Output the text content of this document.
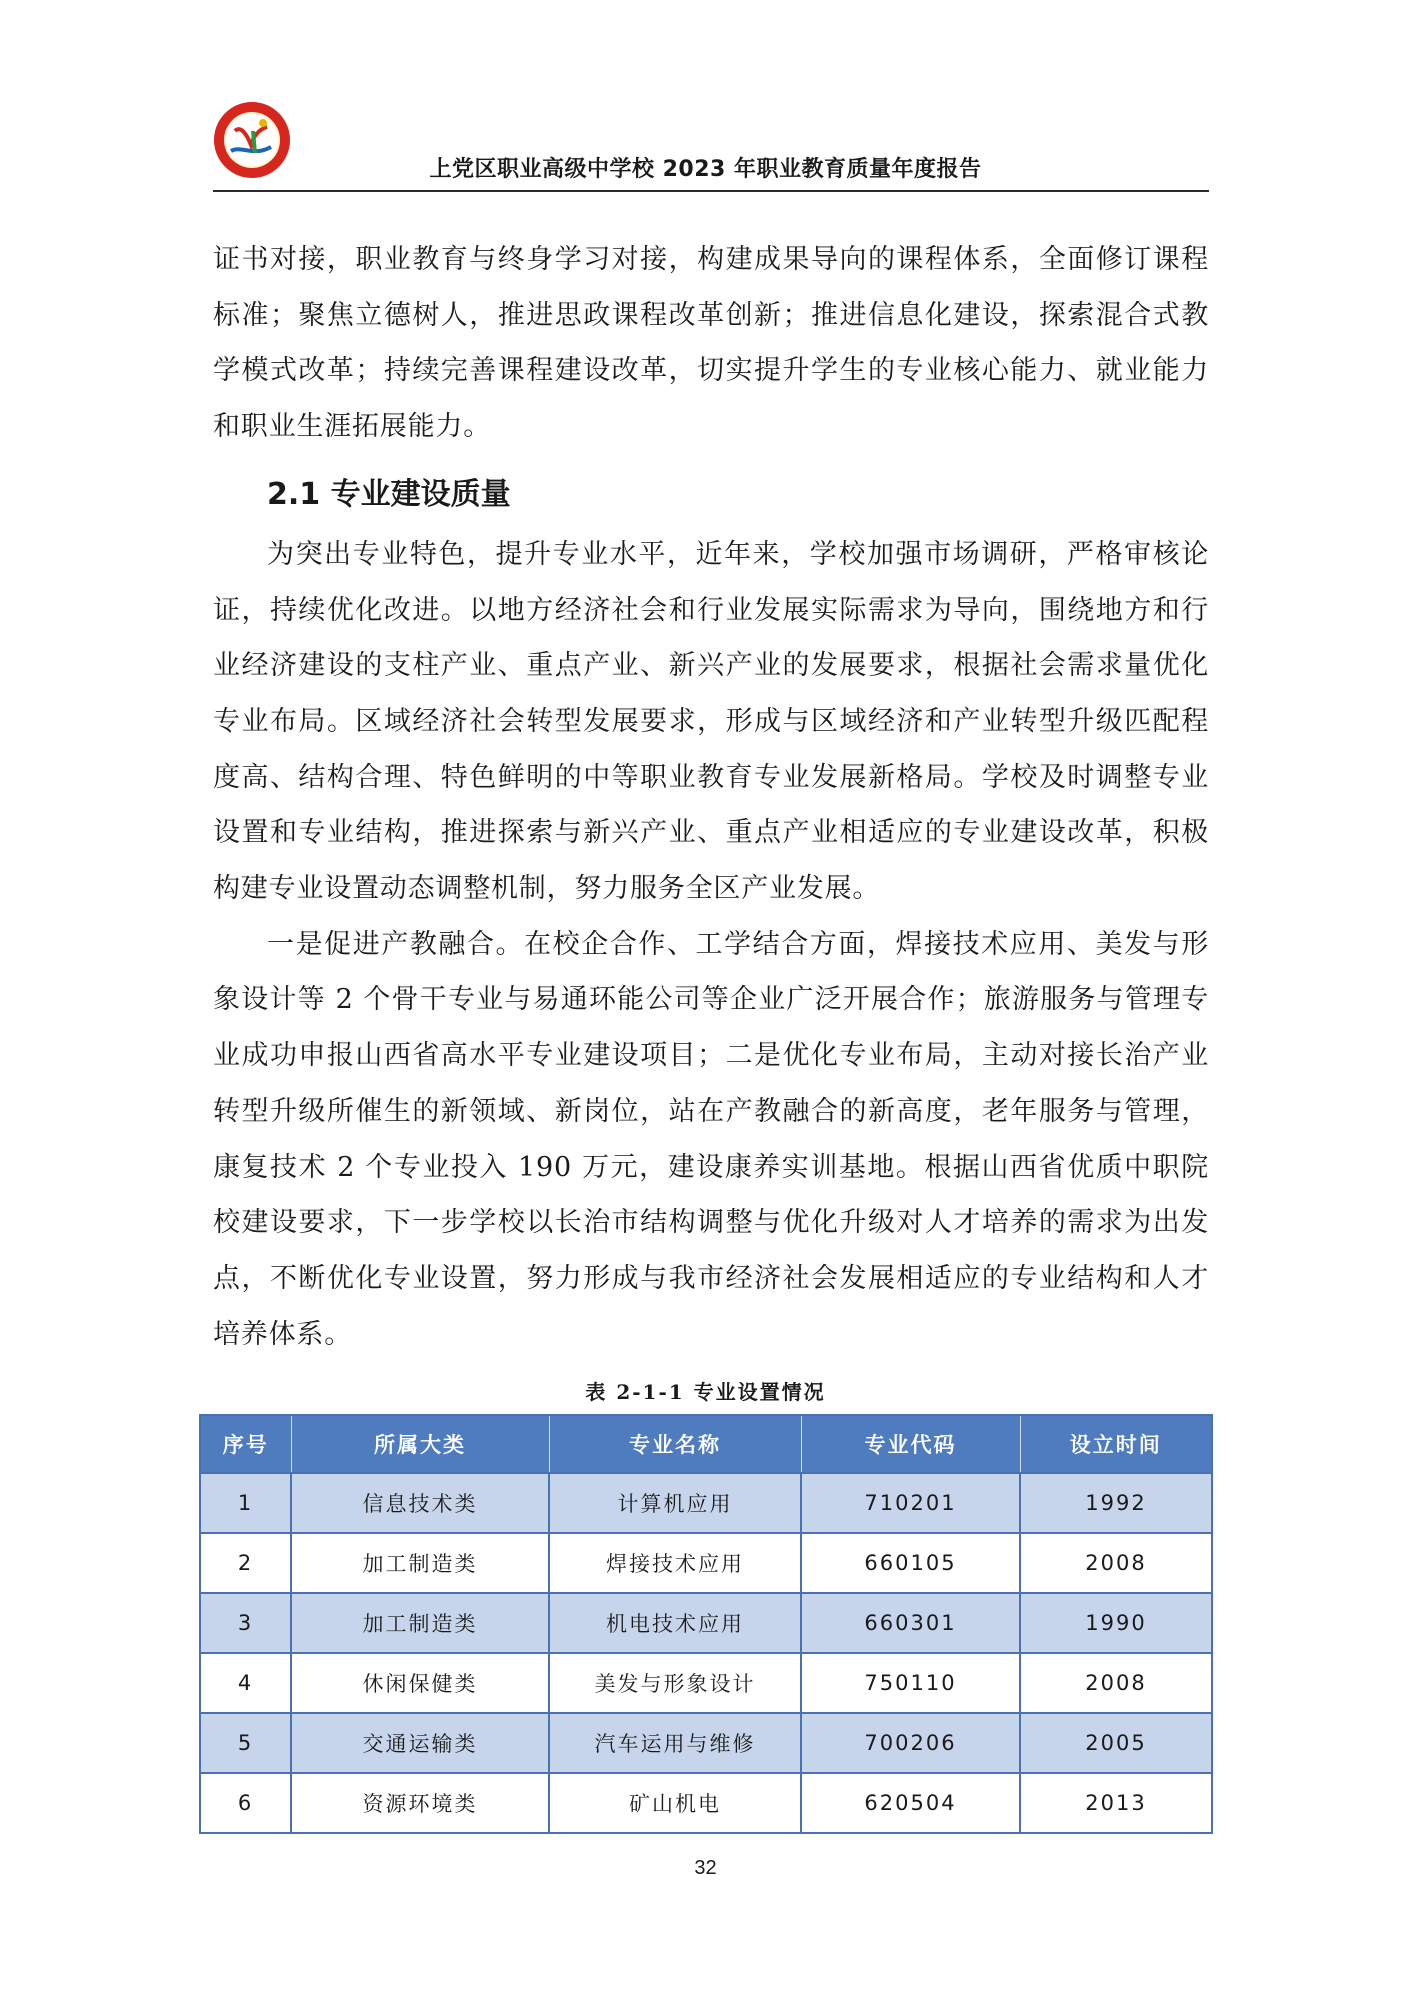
上党区职业高级中学校 2023 年职业教育质量年度报告

证书对接，职业教育与终身学习对接，构建成果导向的课程体系，全面修订课程标准；聚焦立德树人，推进思政课程改革创新；推进信息化建设，探索混合式教学模式改革；持续完善课程建设改革，切实提升学生的专业核心能力、就业能力和职业生涯拓展能力。

2.1 专业建设质量

为突出专业特色，提升专业水平，近年来，学校加强市场调研，严格审核论证，持续优化改进。以地方经济社会和行业发展实际需求为导向，围绕地方和行业经济建设的支柱产业、重点产业、新兴产业的发展要求，根据社会需求量优化专业布局。区域经济社会转型发展要求，形成与区域经济和产业转型升级匹配程度高、结构合理、特色鲜明的中等职业教育专业发展新格局。学校及时调整专业设置和专业结构，推进探索与新兴产业、重点产业相适应的专业建设改革，积极构建专业设置动态调整机制，努力服务全区产业发展。

一是促进产教融合。在校企合作、工学结合方面，焊接技术应用、美发与形象设计等 2 个骨干专业与易通环能公司等企业广泛开展合作；旅游服务与管理专业成功申报山西省高水平专业建设项目；二是优化专业布局，主动对接长治产业转型升级所催生的新领域、新岗位，站在产教融合的新高度，老年服务与管理，康复技术 2 个专业投入 190 万元，建设康养实训基地。根据山西省优质中职院校建设要求，下一步学校以长治市结构调整与优化升级对人才培养的需求为出发点，不断优化专业设置，努力形成与我市经济社会发展相适应的专业结构和人才培养体系。

表 2-1-1 专业设置情况
序号	所属大类	专业名称	专业代码	设立时间
1	信息技术类	计算机应用	710201	1992
2	加工制造类	焊接技术应用	660105	2008
3	加工制造类	机电技术应用	660301	1990
4	休闲保健类	美发与形象设计	750110	2008
5	交通运输类	汽车运用与维修	700206	2005
6	资源环境类	矿山机电	620504	2013
32
